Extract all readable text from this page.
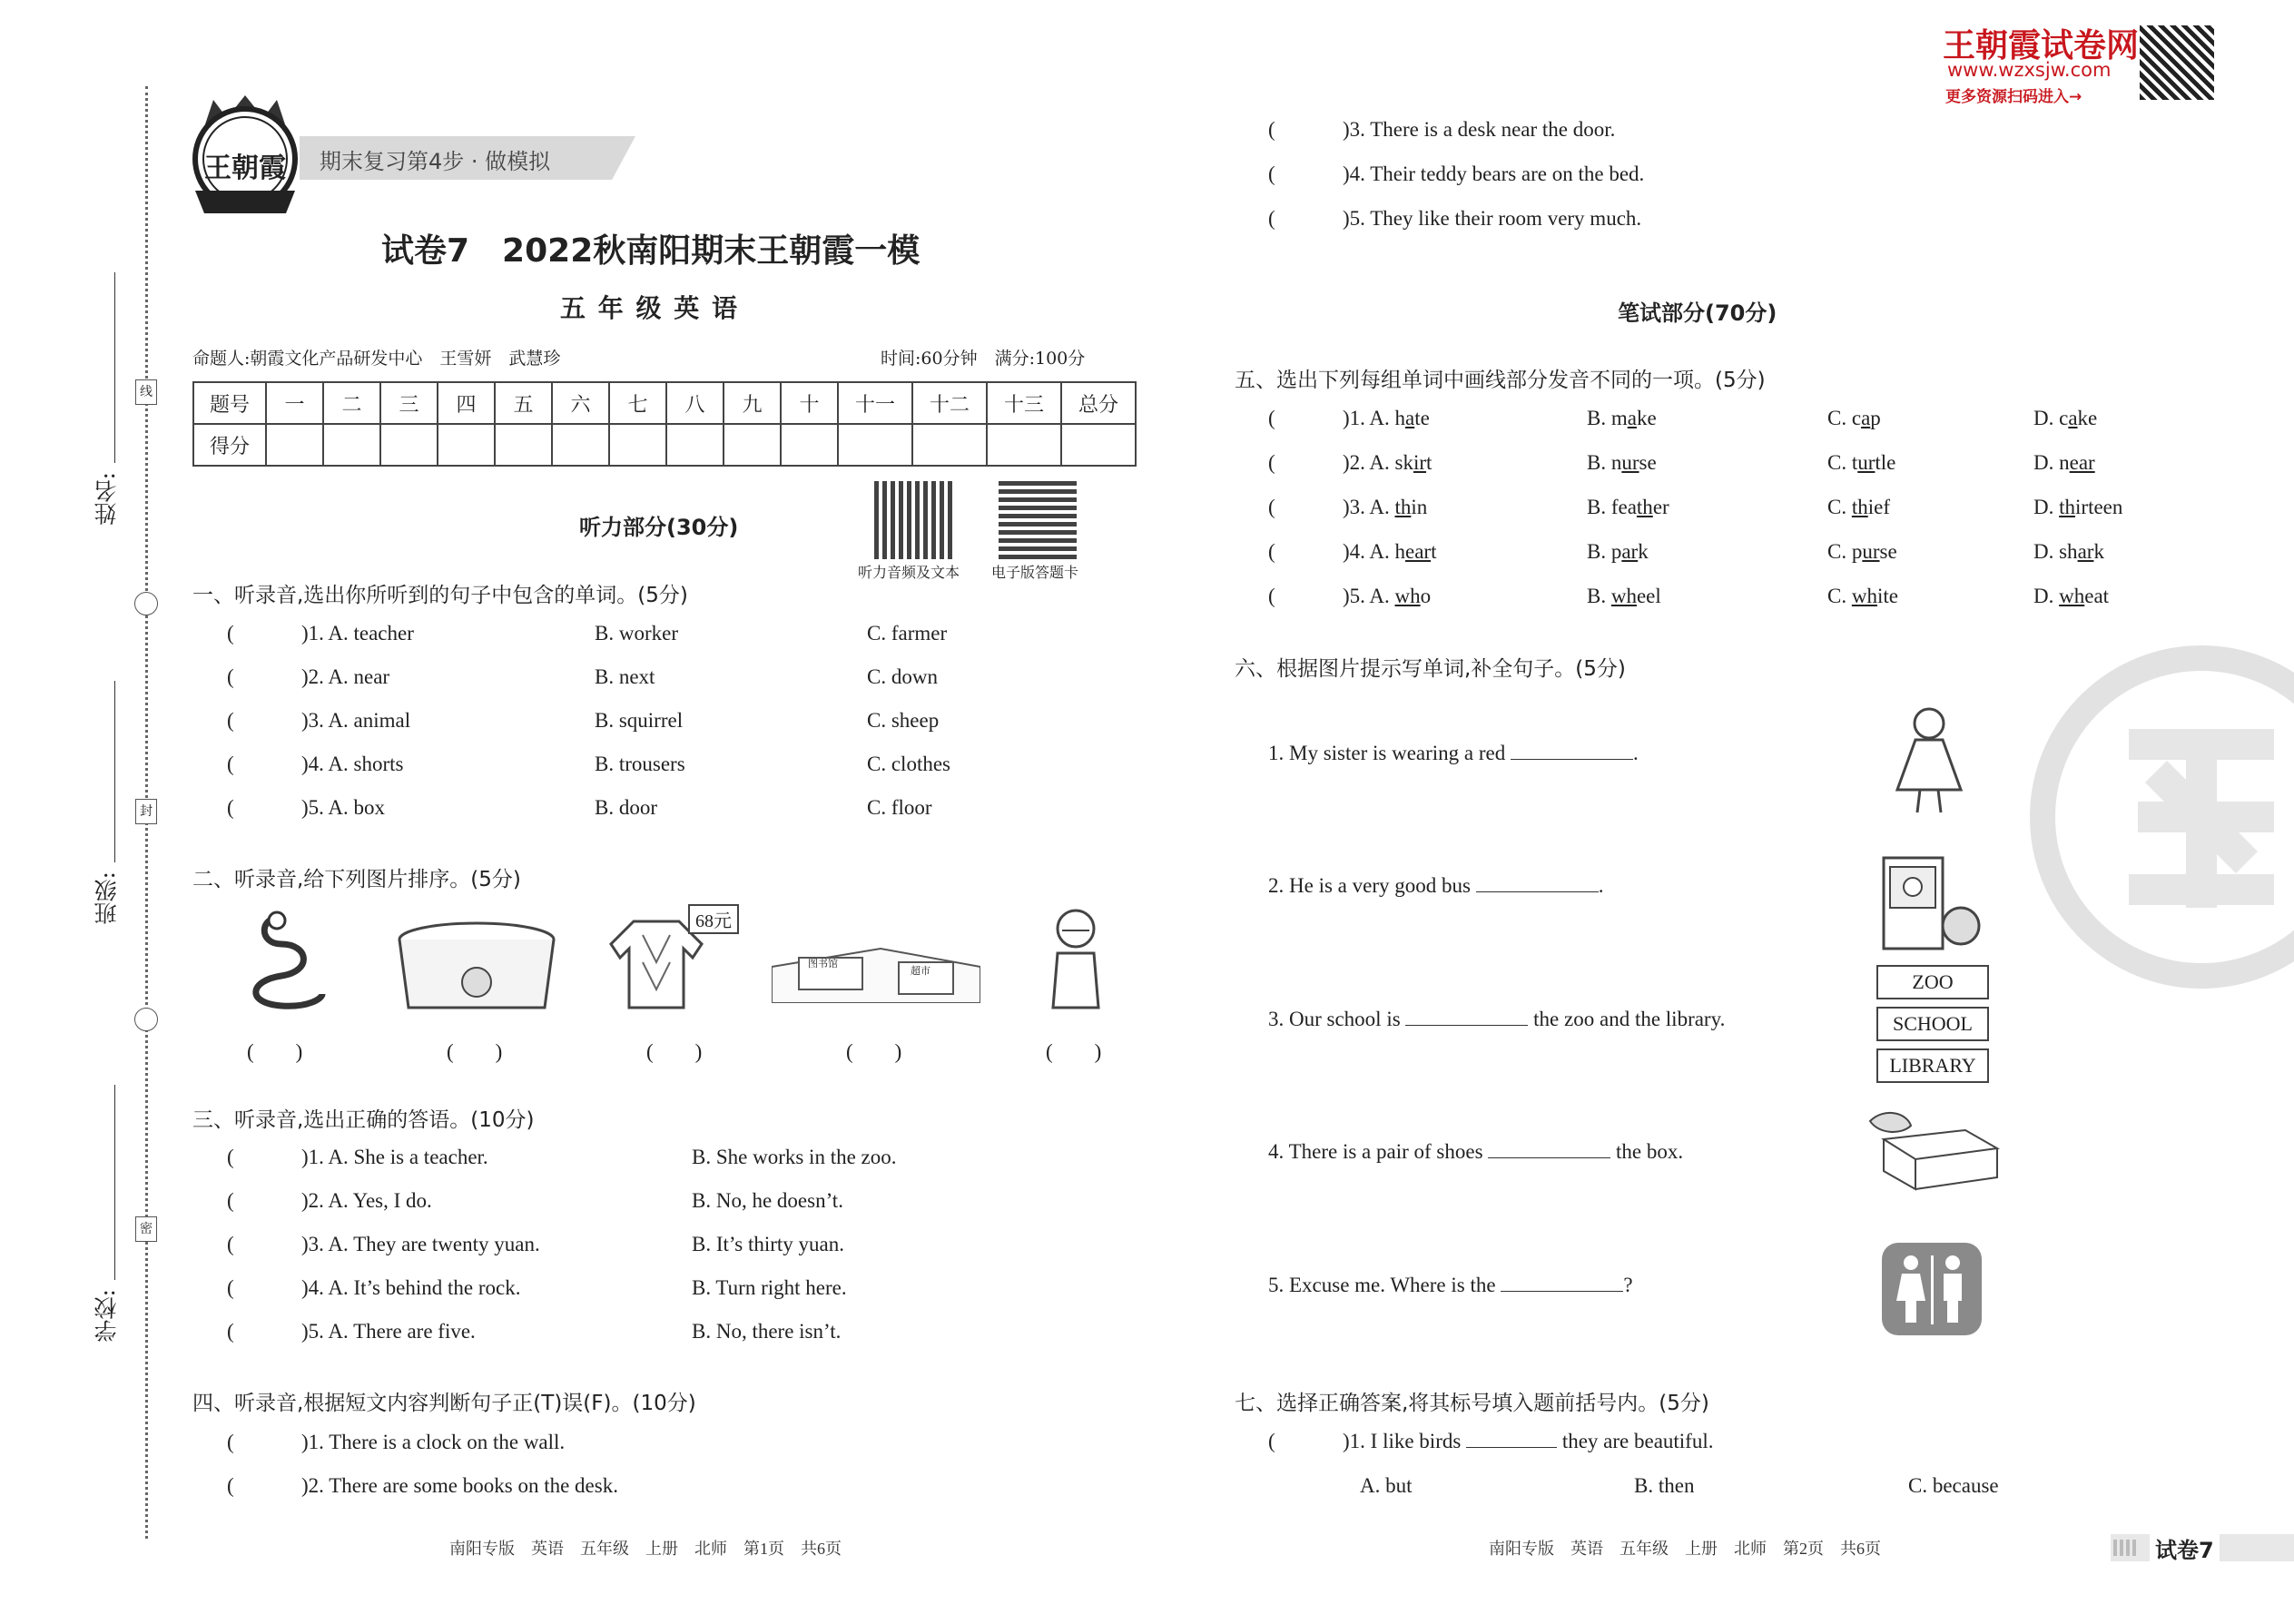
线
封
密
姓名:
班级:
学校:
王朝霞	期末复习第4步 · 做模拟
试卷7　2022秋南阳期末王朝霞一模
五 年 级 英 语
命题人:朝霞文化产品研发中心　王雪妍　武慧珍	时间:60分钟　满分:100分
题号	一	二	三	四	五	六	七	八	九	十	十一	十二	十三	总分
得分														
听力音频及文本 电子版答题卡
听力部分(30分)
一、听录音,选出你所听到的句子中包含的单词。(5分)
(	)1. A. teacher	B. worker	C. farmer
(	)2. A. near	B. next	C. down
(	)3. A. animal	B. squirrel	C. sheep
(	)4. A. shorts	B. trousers	C. clothes
(	)5. A. box	B. door	C. floor
二、听录音,给下列图片排序。(5分)
68元
图书馆
超市
(　　)	(　　)	(　　)	(　　)	(　　)
三、听录音,选出正确的答语。(10分)
(	)1. A. She is a teacher.	B. She works in the zoo.
(	)2. A. Yes, I do.	B. No, he doesn’t.
(	)3. A. They are twenty yuan.	B. It’s thirty yuan.
(	)4. A. It’s behind the rock.	B. Turn right here.
(	)5. A. There are five.	B. No, there isn’t.
四、听录音,根据短文内容判断句子正(T)误(F)。(10分)
(	)1. There is a clock on the wall.
(	)2. There are some books on the desk.
南阳专版　英语　五年级　上册　北师　第1页　共6页
王朝霞试卷网
www.wzxsjw.com
更多资源扫码进入→
(	)3. There is a desk near the door.
(	)4. Their teddy bears are on the bed.
(	)5. They like their room very much.
笔试部分(70分)
五、选出下列每组单词中画线部分发音不同的一项。(5分)
(	)1. A. hate	B. make	C. cap	D. cake
(	)2. A. skirt	B. nurse	C. turtle	D. near
(	)3. A. thin	B. feather	C. thief	D. thirteen
(	)4. A. heart	B. park	C. purse	D. shark
(	)5. A. who	B. wheel	C. white	D. wheat
六、根据图片提示写单词,补全句子。(5分)
1. My sister is wearing a red	.
2. He is a very good bus	.
3. Our school is	the zoo and the library.
4. There is a pair of shoes	the box.
5. Excuse me. Where is the	?
ZOO
SCHOOL
LIBRARY
七、选择正确答案,将其标号填入题前括号内。(5分)
(	)1. I like birds	they are beautiful.
A. but	B. then	C. because
南阳专版　英语　五年级　上册　北师　第2页　共6页	试卷7
